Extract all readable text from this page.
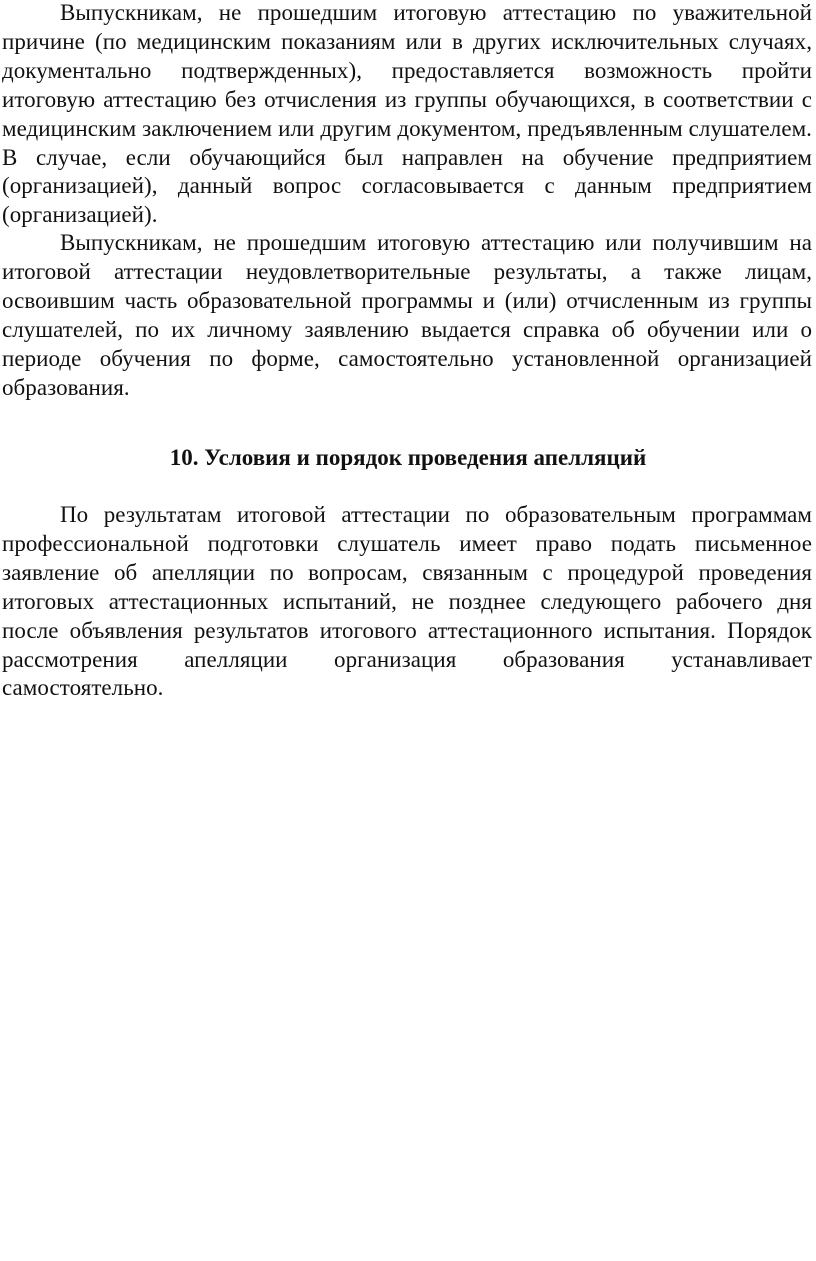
Выпускникам, не прошедшим итоговую аттестацию по уважительной причине (по медицинским показаниям или в других исключительных случаях, документально подтвержденных), предоставляется возможность пройти итоговую аттестацию без отчисления из группы обучающихся, в соответствии с медицинским заключением или другим документом, предъявленным слушателем. В случае, если обучающийся был направлен на обучение предприятием (организацией), данный вопрос согласовывается с данным предприятием (организацией).

Выпускникам, не прошедшим итоговую аттестацию или получившим на итоговой аттестации неудовлетворительные результаты, а также лицам, освоившим часть образовательной программы и (или) отчисленным из группы слушателей, по их личному заявлению выдается справка об обучении или о периоде обучения по форме, самостоятельно установленной организацией образования.

10. Условия и порядок проведения апелляций

По результатам итоговой аттестации по образовательным программам профессиональной подготовки слушатель имеет право подать письменное заявление об апелляции по вопросам, связанным с процедурой проведения итоговых аттестационных испытаний, не позднее следующего рабочего дня после объявления результатов итогового аттестационного испытания. Порядок рассмотрения апелляции организация образования устанавливает самостоятельно.
